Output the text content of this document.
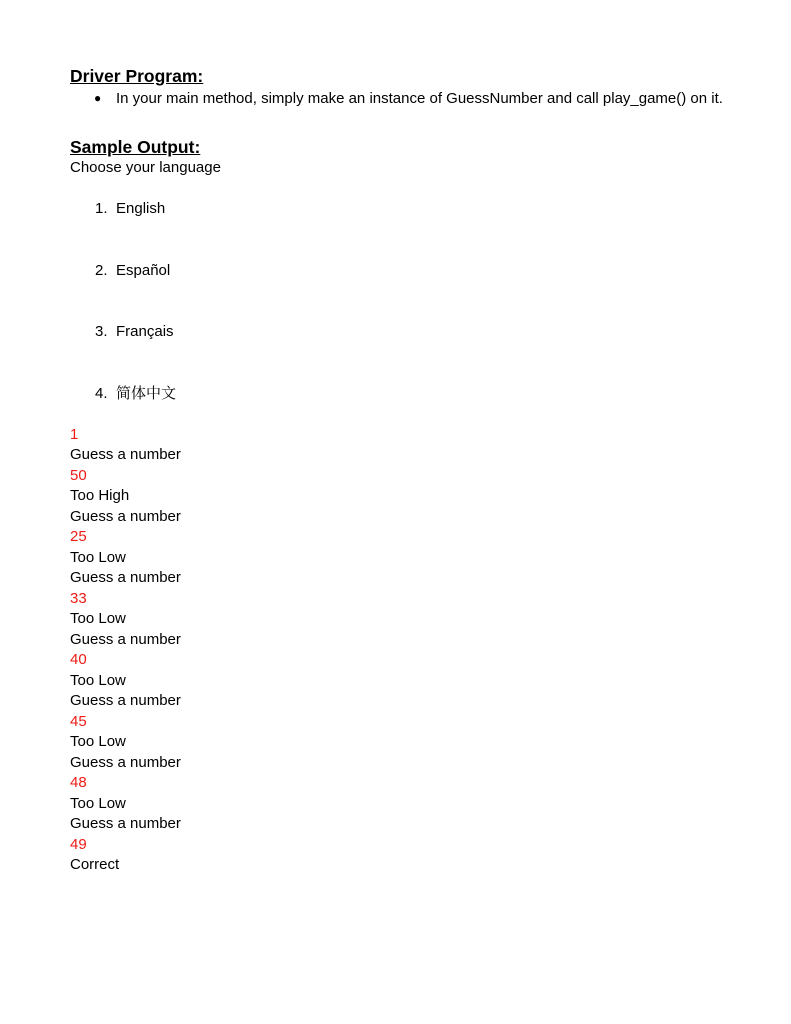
Driver Program:
● In your main method, simply make an instance of GuessNumber and call play_game() on it.
Sample Output:
Choose your language

1. English

2. Español

3. Français

4. 简体中文

1
Guess a number
50
Too High
Guess a number
25
Too Low
Guess a number
33
Too Low
Guess a number
40
Too Low
Guess a number
45
Too Low
Guess a number
48
Too Low
Guess a number
49
Correct
